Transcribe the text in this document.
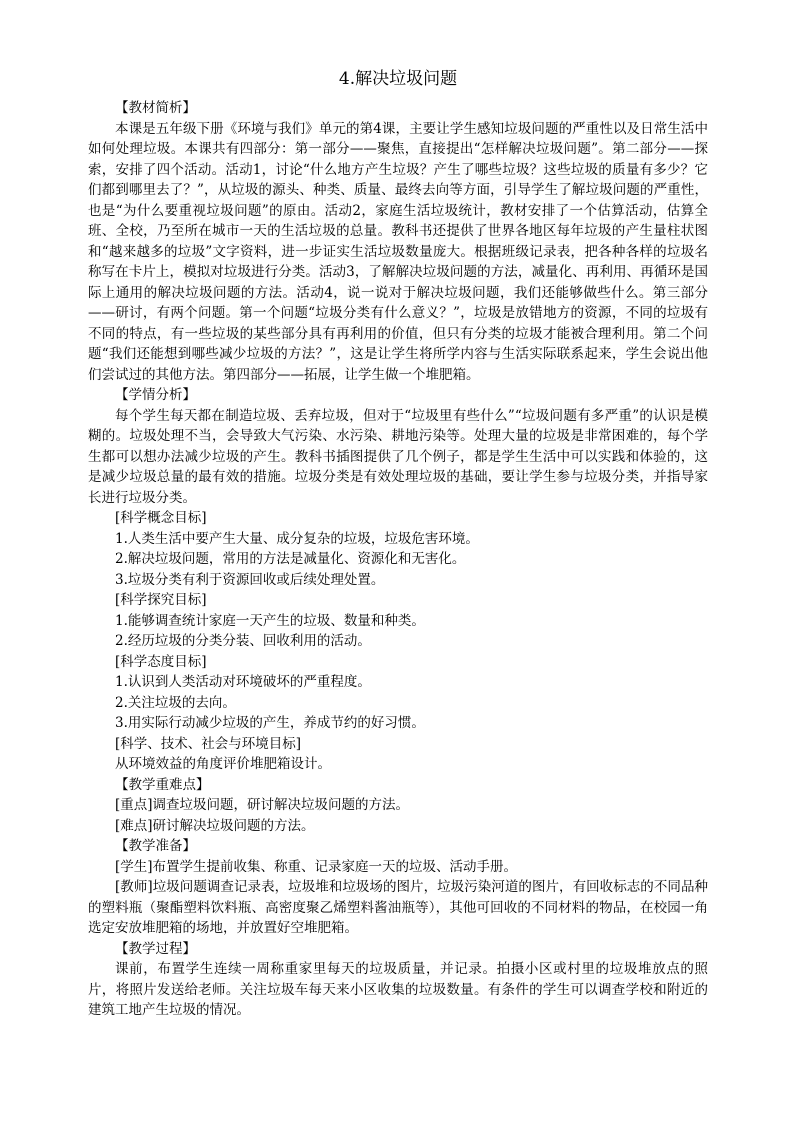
4.解决垃圾问题

【教材简析】

本课是五年级下册《环境与我们》单元的第4课，主要让学生感知垃圾问题的严重性以及日常生活中如何处理垃圾。本课共有四部分：第一部分——聚焦，直接提出“怎样解决垃圾问题”。第二部分——探索，安排了四个活动。活动1，讨论“什么地方产生垃圾？产生了哪些垃圾？这些垃圾的质量有多少？它们都到哪里去了？”，从垃圾的源头、种类、质量、最终去向等方面，引导学生了解垃圾问题的严重性，也是“为什么要重视垃圾问题”的原由。活动2，家庭生活垃圾统计，教材安排了一个估算活动，估算全班、全校，乃至所在城市一天的生活垃圾的总量。教科书还提供了世界各地区每年垃圾的产生量柱状图和“越来越多的垃圾”文字资料，进一步证实生活垃圾数量庞大。根据班级记录表，把各种各样的垃圾名称写在卡片上，模拟对垃圾进行分类。活动3，了解解决垃圾问题的方法，减量化、再利用、再循环是国际上通用的解决垃圾问题的方法。活动4，说一说对于解决垃圾问题，我们还能够做些什么。第三部分——研讨，有两个问题。第一个问题“垃圾分类有什么意义？”，垃圾是放错地方的资源，不同的垃圾有不同的特点，有一些垃圾的某些部分具有再利用的价值，但只有分类的垃圾才能被合理利用。第二个问题“我们还能想到哪些减少垃圾的方法？”，这是让学生将所学内容与生活实际联系起来，学生会说出他们尝试过的其他方法。第四部分——拓展，让学生做一个堆肥箱。

【学情分析】

每个学生每天都在制造垃圾、丢弃垃圾，但对于“垃圾里有些什么”“垃圾问题有多严重”的认识是模糊的。垃圾处理不当，会导致大气污染、水污染、耕地污染等。处理大量的垃圾是非常困难的，每个学生都可以想办法减少垃圾的产生。教科书插图提供了几个例子，都是学生生活中可以实践和体验的，这是减少垃圾总量的最有效的措施。垃圾分类是有效处理垃圾的基础，要让学生参与垃圾分类，并指导家长进行垃圾分类。

[科学概念目标]

1.人类生活中要产生大量、成分复杂的垃圾，垃圾危害环境。

2.解决垃圾问题，常用的方法是减量化、资源化和无害化。

3.垃圾分类有利于资源回收或后续处理处置。

[科学探究目标]

1.能够调查统计家庭一天产生的垃圾、数量和种类。

2.经历垃圾的分类分装、回收利用的活动。

[科学态度目标]

1.认识到人类活动对环境破坏的严重程度。

2.关注垃圾的去向。

3.用实际行动减少垃圾的产生，养成节约的好习惯。

[科学、技术、社会与环境目标]

从环境效益的角度评价堆肥箱设计。

【教学重难点】

[重点]调查垃圾问题，研讨解决垃圾问题的方法。

[难点]研讨解决垃圾问题的方法。

【教学准备】

[学生]布置学生提前收集、称重、记录家庭一天的垃圾、活动手册。

[教师]垃圾问题调查记录表，垃圾堆和垃圾场的图片，垃圾污染河道的图片，有回收标志的不同品种的塑料瓶（聚酯塑料饮料瓶、高密度聚乙烯塑料酱油瓶等），其他可回收的不同材料的物品，在校园一角选定安放堆肥箱的场地，并放置好空堆肥箱。

【教学过程】

课前，布置学生连续一周称重家里每天的垃圾质量，并记录。拍摄小区或村里的垃圾堆放点的照片，将照片发送给老师。关注垃圾车每天来小区收集的垃圾数量。有条件的学生可以调查学校和附近的建筑工地产生垃圾的情况。
